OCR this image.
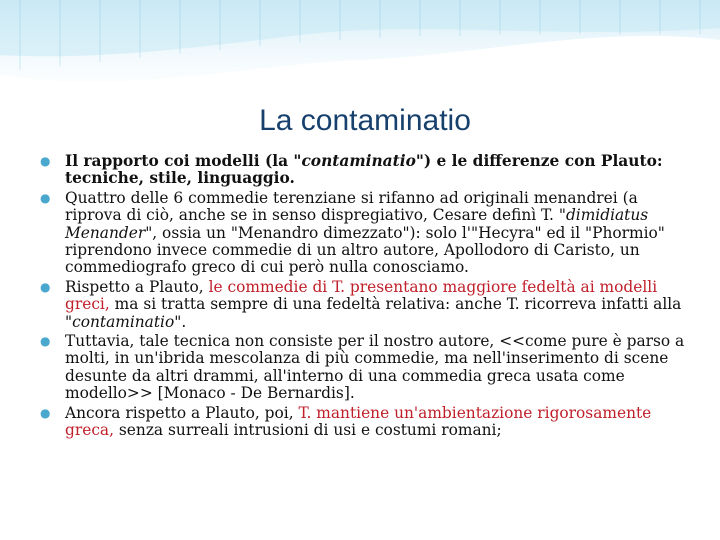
La contaminatio
● Il rapporto coi modelli (la "contaminatio") e le differenze con Plauto: tecniche, stile, linguaggio.
● Quattro delle 6 commedie terenziane si rifanno ad originali menandrei (a riprova di ciò, anche se in senso dispregiativo, Cesare definì T. "dimidiatus Menander", ossia un "Menandro dimezzato"): solo l'"Hecyra" ed il "Phormio" riprendono invece commedie di un altro autore, Apollodoro di Caristo, un commediografo greco di cui però nulla conosciamo.
● Rispetto a Plauto, le commedie di T. presentano maggiore fedeltà ai modelli greci, ma si tratta sempre di una fedeltà relativa: anche T. ricorreva infatti alla "contaminatio".
● Tuttavia, tale tecnica non consiste per il nostro autore, <<come pure è parso a molti, in un'ibrida mescolanza di più commedie, ma nell'inserimento di scene desunte da altri drammi, all'interno di una commedia greca usata come modello>> [Monaco - De Bernardis].
● Ancora rispetto a Plauto, poi, T. mantiene un'ambientazione rigorosamente greca, senza surreali intrusioni di usi e costumi romani;
